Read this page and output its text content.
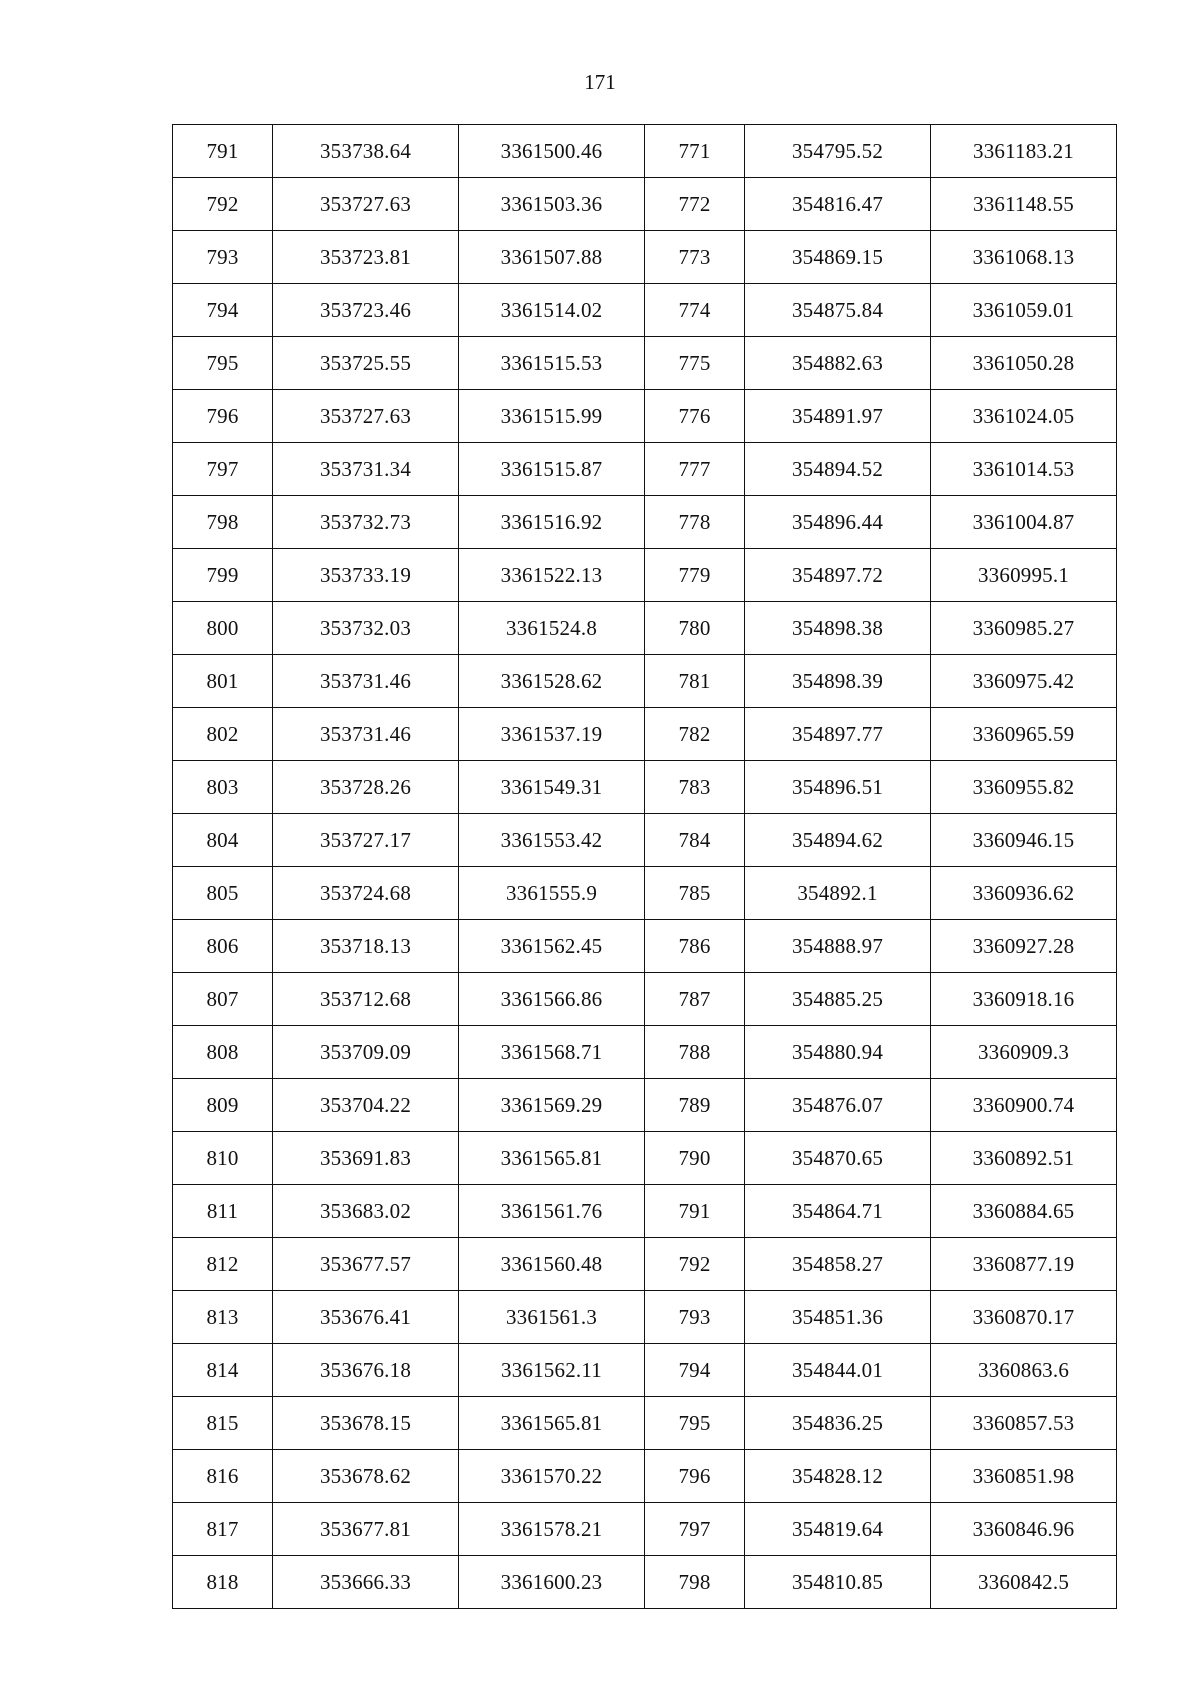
171
791	353738.64	3361500.46	771	354795.52	3361183.21
792	353727.63	3361503.36	772	354816.47	3361148.55
793	353723.81	3361507.88	773	354869.15	3361068.13
794	353723.46	3361514.02	774	354875.84	3361059.01
795	353725.55	3361515.53	775	354882.63	3361050.28
796	353727.63	3361515.99	776	354891.97	3361024.05
797	353731.34	3361515.87	777	354894.52	3361014.53
798	353732.73	3361516.92	778	354896.44	3361004.87
799	353733.19	3361522.13	779	354897.72	3360995.1
800	353732.03	3361524.8	780	354898.38	3360985.27
801	353731.46	3361528.62	781	354898.39	3360975.42
802	353731.46	3361537.19	782	354897.77	3360965.59
803	353728.26	3361549.31	783	354896.51	3360955.82
804	353727.17	3361553.42	784	354894.62	3360946.15
805	353724.68	3361555.9	785	354892.1	3360936.62
806	353718.13	3361562.45	786	354888.97	3360927.28
807	353712.68	3361566.86	787	354885.25	3360918.16
808	353709.09	3361568.71	788	354880.94	3360909.3
809	353704.22	3361569.29	789	354876.07	3360900.74
810	353691.83	3361565.81	790	354870.65	3360892.51
811	353683.02	3361561.76	791	354864.71	3360884.65
812	353677.57	3361560.48	792	354858.27	3360877.19
813	353676.41	3361561.3	793	354851.36	3360870.17
814	353676.18	3361562.11	794	354844.01	3360863.6
815	353678.15	3361565.81	795	354836.25	3360857.53
816	353678.62	3361570.22	796	354828.12	3360851.98
817	353677.81	3361578.21	797	354819.64	3360846.96
818	353666.33	3361600.23	798	354810.85	3360842.5
